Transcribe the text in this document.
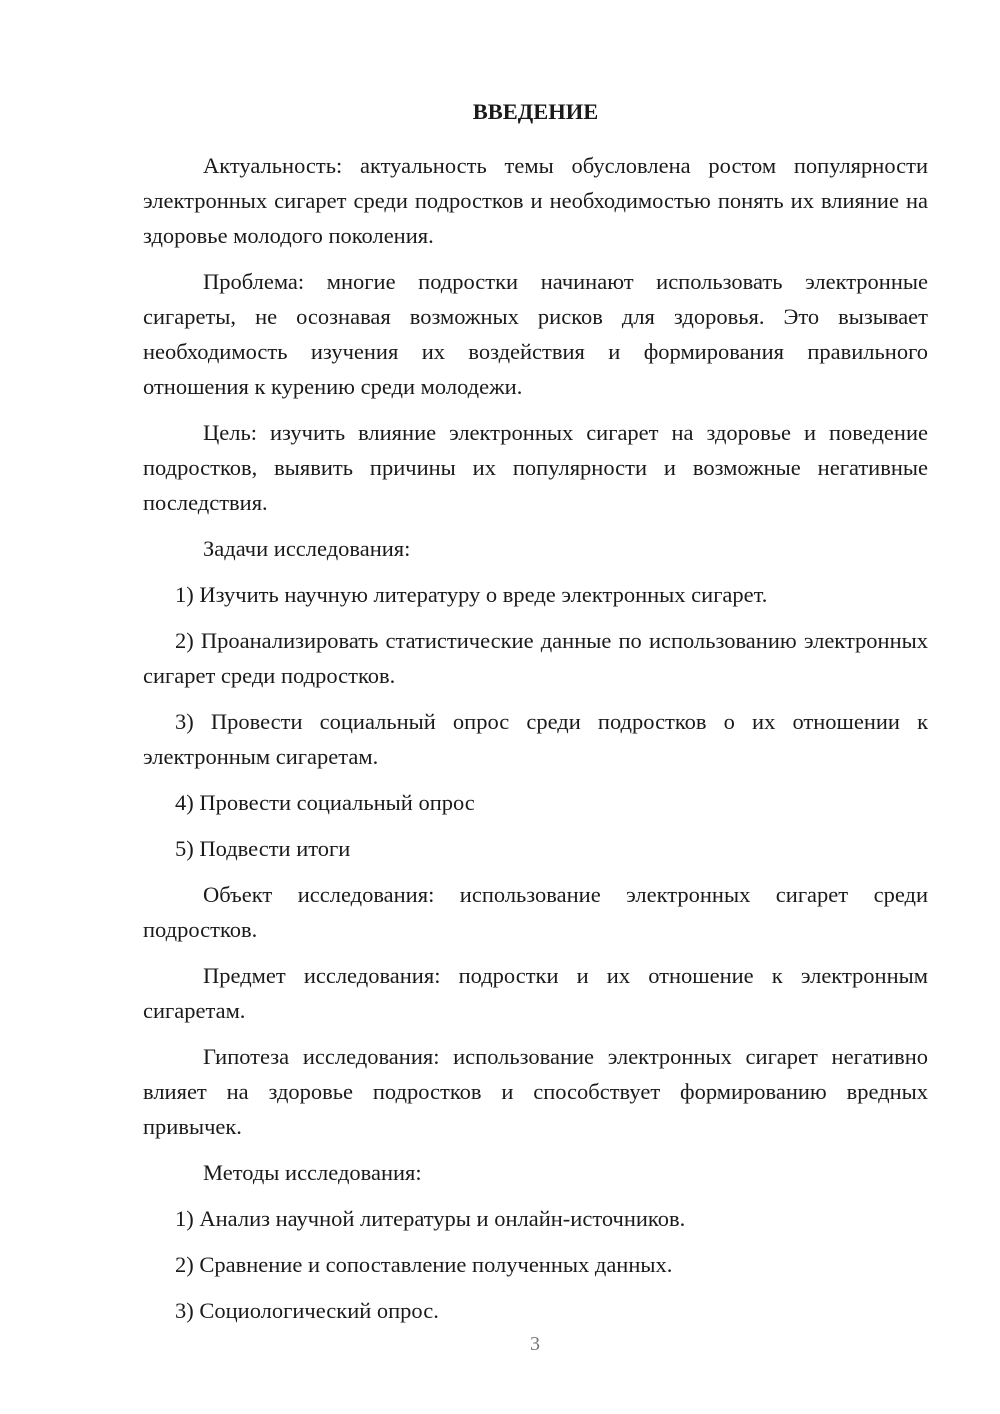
ВВЕДЕНИЕ

Актуальность: актуальность темы обусловлена ростом популярности электронных сигарет среди подростков и необходимостью понять их влияние на здоровье молодого поколения.

Проблема: многие подростки начинают использовать электронные сигареты, не осознавая возможных рисков для здоровья. Это вызывает необходимость изучения их воздействия и формирования правильного отношения к курению среди молодежи.

Цель: изучить влияние электронных сигарет на здоровье и поведение подростков, выявить причины их популярности и возможные негативные последствия.

Задачи исследования:

1) Изучить научную литературу о вреде электронных сигарет.

2) Проанализировать статистические данные по использованию электронных сигарет среди подростков.

3) Провести социальный опрос среди подростков о их отношении к электронным сигаретам.

4) Провести социальный опрос

5) Подвести итоги

Объект исследования: использование электронных сигарет среди подростков.

Предмет исследования: подростки и их отношение к электронным сигаретам.

Гипотеза исследования: использование электронных сигарет негативно влияет на здоровье подростков и способствует формированию вредных привычек.

Методы исследования:

1) Анализ научной литературы и онлайн-источников.

2) Сравнение и сопоставление полученных данных.

3) Социологический опрос.

3
